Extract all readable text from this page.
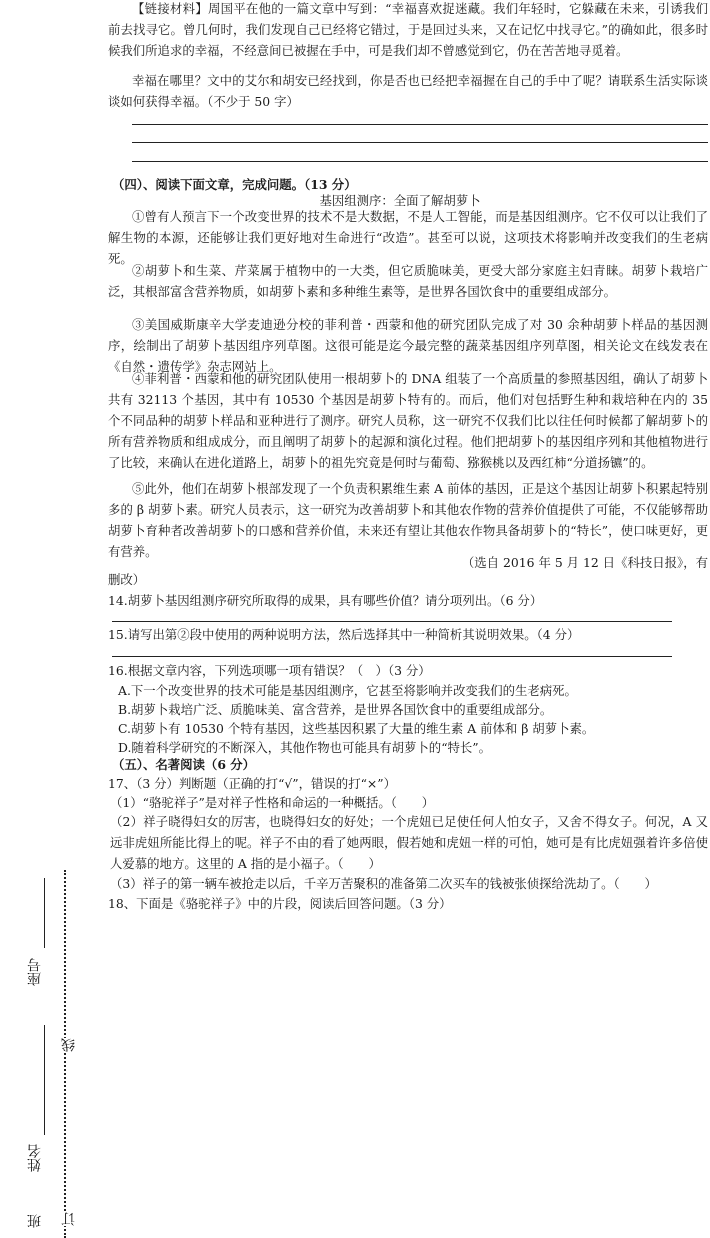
【链接材料】周国平在他的一篇文章中写到：“幸福喜欢捉迷藏。我们年轻时，它躲藏在未来，引诱我们前去找寻它。曾几何时，我们发现自己已经将它错过，于是回过头来，又在记忆中找寻它。”的确如此，很多时候我们所追求的幸福，不经意间已被握在手中，可是我们却不曾感觉到它，仍在苦苦地寻觅着。

幸福在哪里？文中的艾尔和胡安已经找到，你是否也已经把幸福握在自己的手中了呢？请联系生活实际谈谈如何获得幸福。（不少于 50 字）

（四）、阅读下面文章，完成问题。（13 分）

基因组测序：全面了解胡萝卜

①曾有人预言下一个改变世界的技术不是大数据，不是人工智能，而是基因组测序。它不仅可以让我们了解生物的本源，还能够让我们更好地对生命进行“改造”。甚至可以说，这项技术将影响并改变我们的生老病死。

②胡萝卜和生菜、芹菜属于植物中的一大类，但它质脆味美，更受大部分家庭主妇青睐。胡萝卜栽培广泛，其根部富含营养物质，如胡萝卜素和多种维生素等，是世界各国饮食中的重要组成部分。

③美国威斯康辛大学麦迪逊分校的菲利普・西蒙和他的研究团队完成了对 30 余种胡萝卜样品的基因测序，绘制出了胡萝卜基因组序列草图。这很可能是迄今最完整的蔬菜基因组序列草图，相关论文在线发表在《自然・遗传学》杂志网站上。

④菲利普・西蒙和他的研究团队使用一根胡萝卜的 DNA 组装了一个高质量的参照基因组，确认了胡萝卜共有 32113 个基因，其中有 10530 个基因是胡萝卜特有的。而后，他们对包括野生种和栽培种在内的 35 个不同品种的胡萝卜样品和亚种进行了测序。研究人员称，这一研究不仅我们比以往任何时候都了解胡萝卜的所有营养物质和组成成分，而且阐明了胡萝卜的起源和演化过程。他们把胡萝卜的基因组序列和其他植物进行了比较，来确认在进化道路上，胡萝卜的祖先究竟是何时与葡萄、猕猴桃以及西红柿“分道扬镳”的。

⑤此外，他们在胡萝卜根部发现了一个负责积累维生素 A 前体的基因，正是这个基因让胡萝卜积累起特别多的 β 胡萝卜素。研究人员表示，这一研究为改善胡萝卜和其他农作物的营养价值提供了可能，不仅能够帮助胡萝卜育种者改善胡萝卜的口感和营养价值，未来还有望让其他农作物具备胡萝卜的“特长”，使口味更好，更有营养。

（选自 2016 年 5 月 12 日《科技日报》，有

删改）

14.胡萝卜基因组测序研究所取得的成果，具有哪些价值？请分项列出。（6 分）

15.请写出第②段中使用的两种说明方法，然后选择其中一种简析其说明效果。（4 分）

16.根据文章内容，下列选项哪一项有错误？（　）（3 分）

A.下一个改变世界的技术可能是基因组测序，它甚至将影响并改变我们的生老病死。

B.胡萝卜栽培广泛、质脆味美、富含营养，是世界各国饮食中的重要组成部分。

C.胡萝卜有 10530 个特有基因，这些基因积累了大量的维生素 A 前体和 β 胡萝卜素。

D.随着科学研究的不断深入，其他作物也可能具有胡萝卜的“特长”。

（五）、名著阅读（6 分）

17、（3 分）判断题（正确的打“√”，错误的打“×”）

（1）“骆驼祥子”是对祥子性格和命运的一种概括。（　　）

（2）祥子晓得妇女的厉害，也晓得妇女的好处；一个虎妞已足使任何人怕女子，又舍不得女子。何况，A 又远非虎妞所能比得上的呢。祥子不由的看了她两眼，假若她和虎妞一样的可怕，她可是有比虎妞强着许多倍使人爱慕的地方。这里的 A 指的是小福子。（　　）

（3）祥子的第一辆车被抢走以后，千辛万苦聚积的准备第二次买车的钱被张侦探给洗劫了。（　　）

18、下面是《骆驼祥子》中的片段，阅读后回答问题。（3 分）

座号
线
姓名
班 订
